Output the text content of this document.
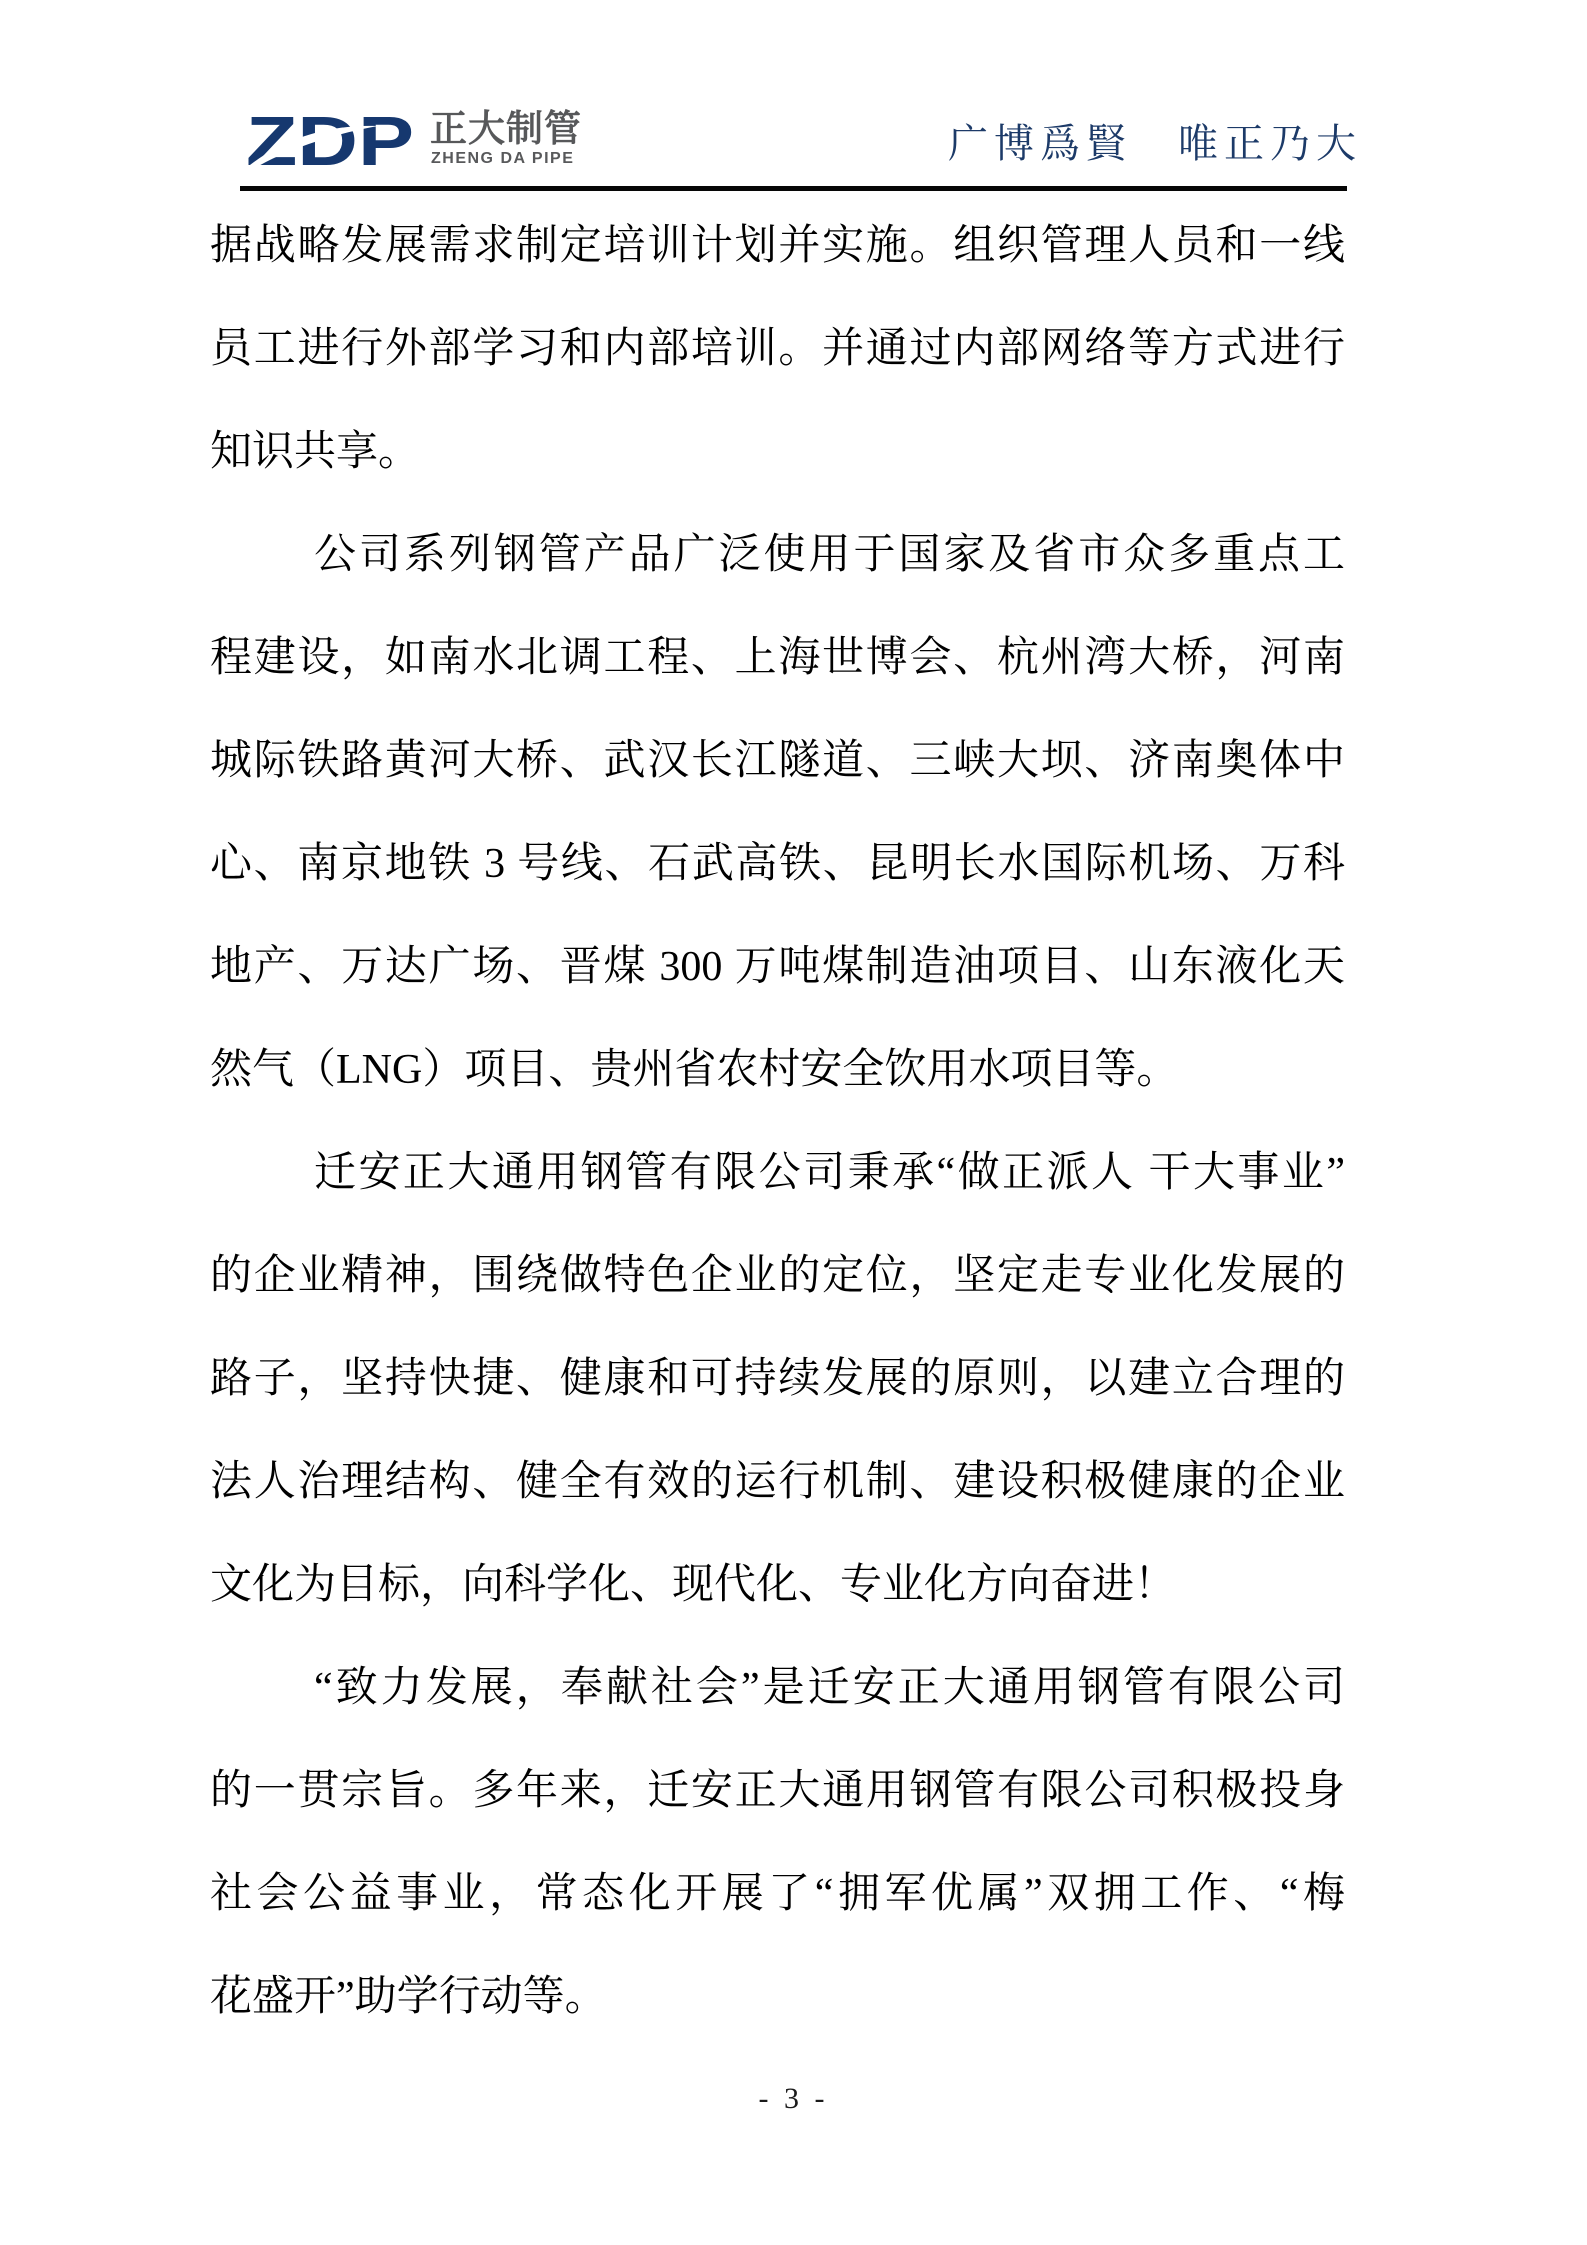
ZDP 正大制管
ZHENG DA PIPE	广博爲賢　唯正乃大
据战略发展需求制定培训计划并实施。组织管理人员和一线
员工进行外部学习和内部培训。并通过内部网络等方式进行
知识共享。
公司系列钢管产品广泛使用于国家及省市众多重点工
程建设，如南水北调工程、上海世博会、杭州湾大桥，河南
城际铁路黄河大桥、武汉长江隧道、三峡大坝、济南奥体中
心、南京地铁 3 号线、石武高铁、昆明长水国际机场、万科
地产、万达广场、晋煤 300 万吨煤制造油项目、山东液化天
然气（LNG）项目、贵州省农村安全饮用水项目等。
迁安正大通用钢管有限公司秉承“做正派人 干大事业”
的企业精神，围绕做特色企业的定位，坚定走专业化发展的
路子，坚持快捷、健康和可持续发展的原则，以建立合理的
法人治理结构、健全有效的运行机制、建设积极健康的企业
文化为目标，向科学化、现代化、专业化方向奋进！
“致力发展，奉献社会”是迁安正大通用钢管有限公司
的一贯宗旨。多年来，迁安正大通用钢管有限公司积极投身
社会公益事业，常态化开展了“拥军优属”双拥工作、“梅
花盛开”助学行动等。
- 3 -
